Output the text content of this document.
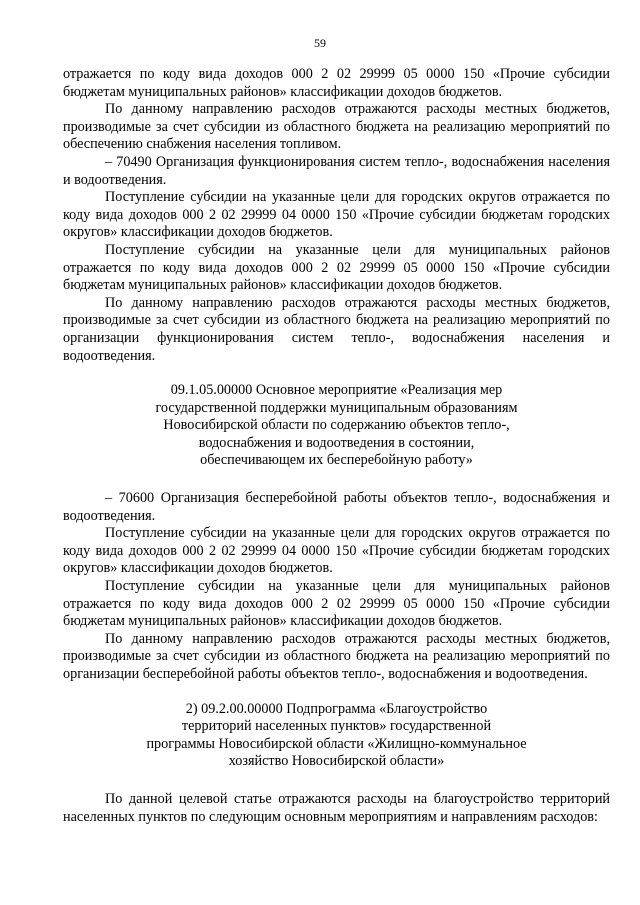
59

отражается по коду вида доходов 000 2 02 29999 05 0000 150 «Прочие субсидии бюджетам муниципальных районов» классификации доходов бюджетов.

По данному направлению расходов отражаются расходы местных бюджетов, производимые за счет субсидии из областного бюджета на реализацию мероприятий по обеспечению снабжения населения топливом.

– 70490 Организация функционирования систем тепло-, водоснабжения населения и водоотведения.

Поступление субсидии на указанные цели для городских округов отражается по коду вида доходов 000 2 02 29999 04 0000 150 «Прочие субсидии бюджетам городских округов» классификации доходов бюджетов.

Поступление субсидии на указанные цели для муниципальных районов отражается по коду вида доходов 000 2 02 29999 05 0000 150 «Прочие субсидии бюджетам муниципальных районов» классификации доходов бюджетов.

По данному направлению расходов отражаются расходы местных бюджетов, производимые за счет субсидии из областного бюджета на реализацию мероприятий по организации функционирования систем тепло-, водоснабжения населения и водоотведения.

09.1.05.00000 Основное мероприятие «Реализация мер

государственной поддержки муниципальным образованиям

Новосибирской области по содержанию объектов тепло-,

водоснабжения и водоотведения в состоянии,

обеспечивающем их бесперебойную работу»

– 70600 Организация бесперебойной работы объектов тепло-, водоснабжения и водоотведения.

Поступление субсидии на указанные цели для городских округов отражается по коду вида доходов 000 2 02 29999 04 0000 150 «Прочие субсидии бюджетам городских округов» классификации доходов бюджетов.

Поступление субсидии на указанные цели для муниципальных районов отражается по коду вида доходов 000 2 02 29999 05 0000 150 «Прочие субсидии бюджетам муниципальных районов» классификации доходов бюджетов.

По данному направлению расходов отражаются расходы местных бюджетов, производимые за счет субсидии из областного бюджета на реализацию мероприятий по организации бесперебойной работы объектов тепло-, водоснабжения и водоотведения.

2) 09.2.00.00000 Подпрограмма «Благоустройство

территорий населенных пунктов» государственной

программы Новосибирской области «Жилищно-коммунальное

хозяйство Новосибирской области»

По данной целевой статье отражаются расходы на благоустройство территорий населенных пунктов по следующим основным мероприятиям и направлениям расходов:
